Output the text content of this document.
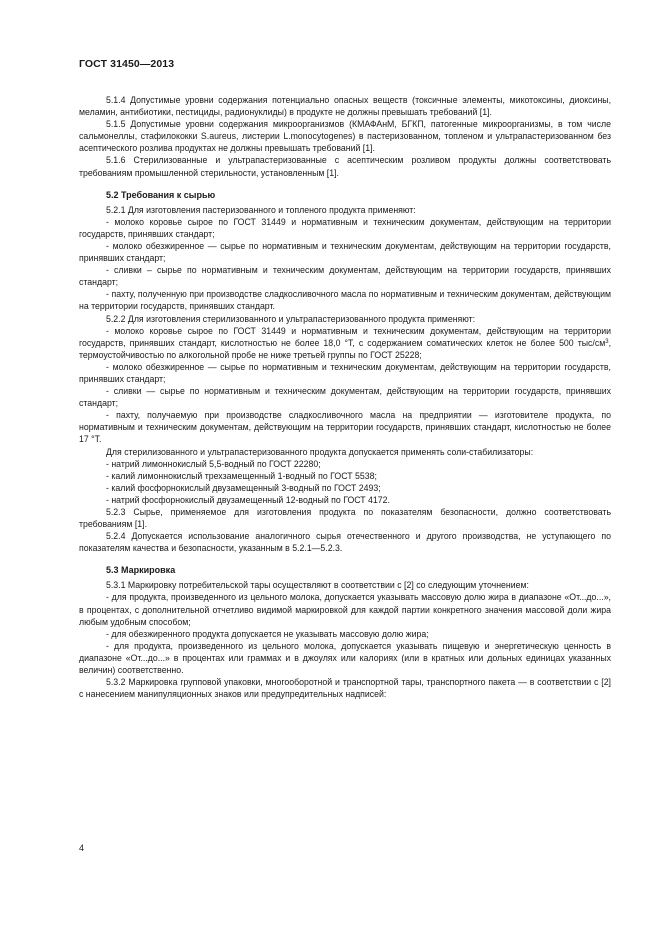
ГОСТ 31450—2013

5.1.4 Допустимые уровни содержания потенциально опасных веществ (токсичные элементы, микотоксины, диоксины, меламин, антибиотики, пестициды, радионуклиды) в продукте не должны превышать требований [1].

5.1.5 Допустимые уровни содержания микроорганизмов (КМАФАнМ, БГКП, патогенные микроорганизмы, в том числе сальмонеллы, стафилококки S.aureus, листерии L.monocytogenes) в пастеризованном, топленом и ультрапастеризованном без асептического розлива продуктах не должны превышать требований [1].

5.1.6 Стерилизованные и ультрапастеризованные с асептическим розливом продукты должны соответствовать требованиям промышленной стерильности, установленным [1].

5.2 Требования к сырью

5.2.1 Для изготовления пастеризованного и топленого продукта применяют:

- молоко коровье сырое по ГОСТ 31449 и нормативным и техническим документам, действующим на территории государств, принявших стандарт;

- молоко обезжиренное — сырье по нормативным и техническим документам, действующим на территории государств, принявших стандарт;

- сливки – сырье по нормативным и техническим документам, действующим на территории государств, принявших стандарт;

- пахту, полученную при производстве сладкосливочного масла по нормативным и техническим документам, действующим на территории государств, принявших стандарт.

5.2.2 Для изготовления стерилизованного и ультрапастеризованного продукта применяют:

- молоко коровье сырое по ГОСТ 31449 и нормативным и техническим документам, действующим на территории государств, принявших стандарт, кислотностью не более 18,0 °Т, с содержанием соматических клеток не более 500 тыс/$см^3$, термоустойчивостью по алкогольной пробе не ниже третьей группы по ГОСТ 25228;

- молоко обезжиренное — сырье по нормативным и техническим документам, действующим на территории государств, принявших стандарт;

- сливки — сырье по нормативным и техническим документам, действующим на территории государств, принявших стандарт;

- пахту, получаемую при производстве сладкосливочного масла на предприятии — изготовителе продукта, по нормативным и техническим документам, действующим на территории государств, принявших стандарт, кислотностью не более 17 °Т.

Для стерилизованного и ультрапастеризованного продукта допускается применять соли-стабилизаторы:

- натрий лимоннокислый 5,5-водный по ГОСТ 22280;

- калий лимоннокислый трехзамещенный 1-водный по ГОСТ 5538;

- калий фосфорнокислый двузамещенный 3-водный по ГОСТ 2493;

- натрий фосфорнокислый двузамещенный 12-водный по ГОСТ 4172.

5.2.3 Сырье, применяемое для изготовления продукта по показателям безопасности, должно соответствовать требованиям [1].

5.2.4 Допускается использование аналогичного сырья отечественного и другого производства, не уступающего по показателям качества и безопасности, указанным в 5.2.1—5.2.3.

5.3 Маркировка

5.3.1 Маркировку потребительской тары осуществляют в соответствии с [2] со следующим уточнением:

- для продукта, произведенного из цельного молока, допускается указывать массовую долю жира в диапазоне «От...до...», в процентах, с дополнительной отчетливо видимой маркировкой для каждой партии конкретного значения массовой доли жира любым удобным способом;

- для обезжиренного продукта допускается не указывать массовую долю жира;

- для продукта, произведенного из цельного молока, допускается указывать пищевую и энергетическую ценность в диапазоне «От...до...» в процентах или граммах и в джоулях или калориях (или в кратных или дольных единицах указанных величин) соответственно.

5.3.2 Маркировка групповой упаковки, многооборотной и транспортной тары, транспортного пакета — в соответствии с [2] с нанесением манипуляционных знаков или предупредительных надписей:

4
